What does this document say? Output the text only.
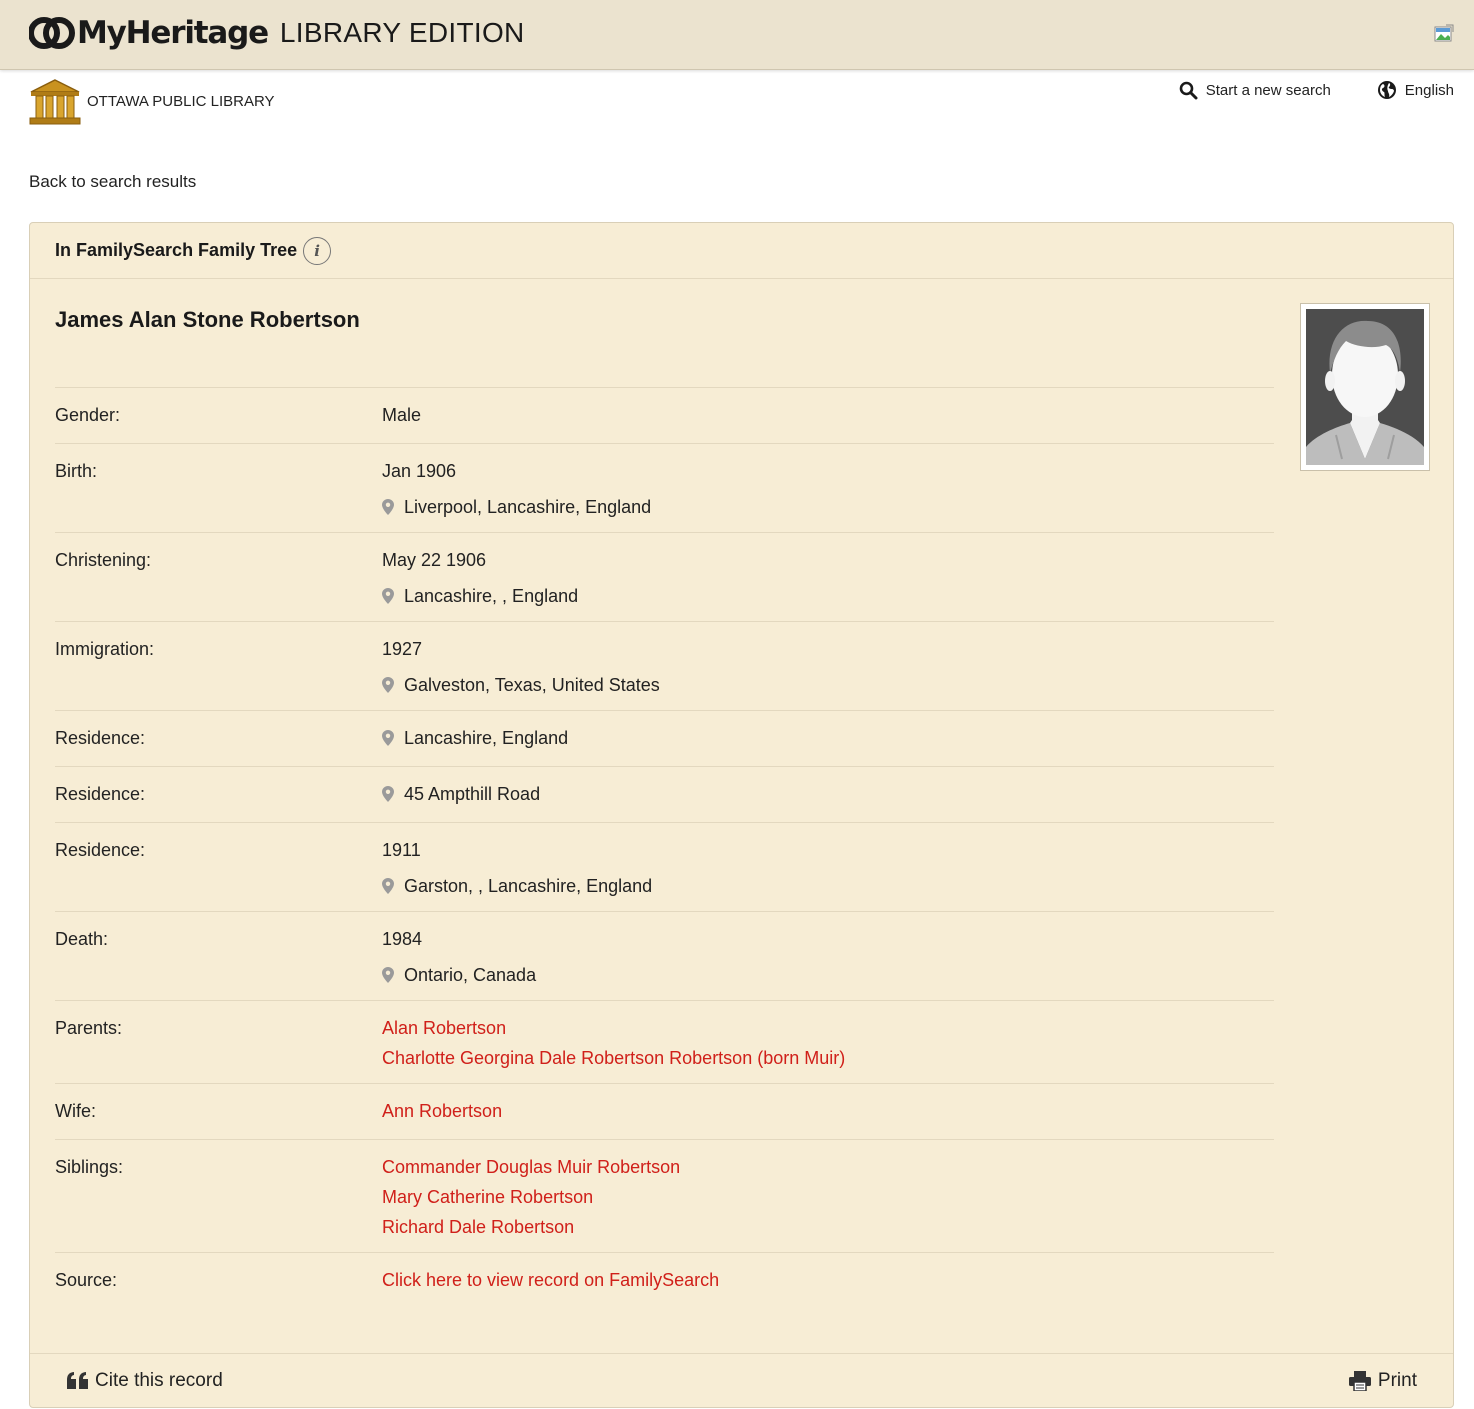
MyHeritage LIBRARY EDITION
OTTAWA PUBLIC LIBRARY
Start a new search	English
Back to search results
In FamilySearch Family Tree	i
James Alan Stone Robertson
Gender:	Male
Birth:	Jan 1906
Liverpool, Lancashire, England
Christening:	May 22 1906
Lancashire, , England
Immigration:	1927
Galveston, Texas, United States
Residence:	Lancashire, England
Residence:	45 Ampthill Road
Residence:	1911
Garston, , Lancashire, England
Death:	1984
Ontario, Canada
Parents:	Alan Robertson
Charlotte Georgina Dale Robertson Robertson (born Muir)
Wife:	Ann Robertson
Siblings:	Commander Douglas Muir Robertson
Mary Catherine Robertson
Richard Dale Robertson
Source:	Click here to view record on FamilySearch
Cite this record	Print
